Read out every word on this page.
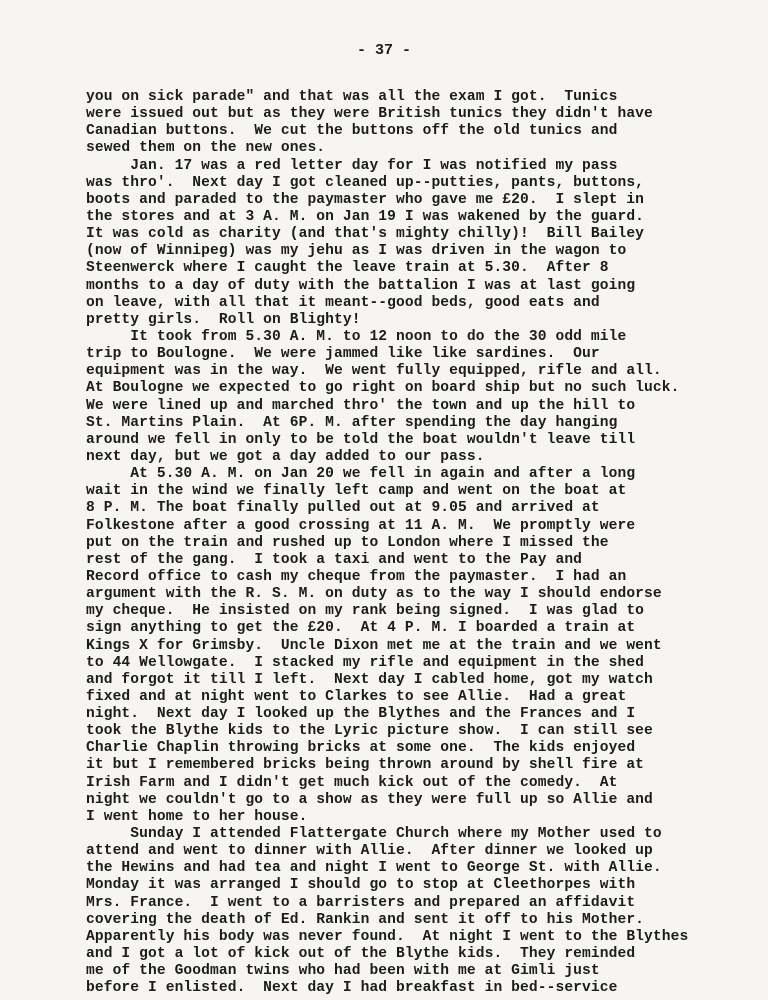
- 37 -
you on sick parade" and that was all the exam I got.  Tunics
were issued out but as they were British tunics they didn't have
Canadian buttons.  We cut the buttons off the old tunics and
sewed them on the new ones.
Jan. 17 was a red letter day for I was notified my pass
was thro'.  Next day I got cleaned up--putties, pants, buttons,
boots and paraded to the paymaster who gave me £20.  I slept in
the stores and at 3 A. M. on Jan 19 I was wakened by the guard.
It was cold as charity (and that's mighty chilly)!  Bill Bailey
(now of Winnipeg) was my jehu as I was driven in the wagon to
Steenwerck where I caught the leave train at 5.30.  After 8
months to a day of duty with the battalion I was at last going
on leave, with all that it meant--good beds, good eats and
pretty girls.  Roll on Blighty!
It took from 5.30 A. M. to 12 noon to do the 30 odd mile
trip to Boulogne.  We were jammed like like sardines.  Our
equipment was in the way.  We went fully equipped, rifle and all.
At Boulogne we expected to go right on board ship but no such luck.
We were lined up and marched thro' the town and up the hill to
St. Martins Plain.  At 6P. M. after spending the day hanging
around we fell in only to be told the boat wouldn't leave till
next day, but we got a day added to our pass.
At 5.30 A. M. on Jan 20 we fell in again and after a long
wait in the wind we finally left camp and went on the boat at
8 P. M. The boat finally pulled out at 9.05 and arrived at
Folkestone after a good crossing at 11 A. M.  We promptly were
put on the train and rushed up to London where I missed the
rest of the gang.  I took a taxi and went to the Pay and
Record office to cash my cheque from the paymaster.  I had an
argument with the R. S. M. on duty as to the way I should endorse
my cheque.  He insisted on my rank being signed.  I was glad to
sign anything to get the £20.  At 4 P. M. I boarded a train at
Kings X for Grimsby.  Uncle Dixon met me at the train and we went
to 44 Wellowgate.  I stacked my rifle and equipment in the shed
and forgot it till I left.  Next day I cabled home, got my watch
fixed and at night went to Clarkes to see Allie.  Had a great
night.  Next day I looked up the Blythes and the Frances and I
took the Blythe kids to the Lyric picture show.  I can still see
Charlie Chaplin throwing bricks at some one.  The kids enjoyed
it but I remembered bricks being thrown around by shell fire at
Irish Farm and I didn't get much kick out of the comedy.  At
night we couldn't go to a show as they were full up so Allie and
I went home to her house.
Sunday I attended Flattergate Church where my Mother used to
attend and went to dinner with Allie.  After dinner we looked up
the Hewins and had tea and night I went to George St. with Allie.
Monday it was arranged I should go to stop at Cleethorpes with
Mrs. France.  I went to a barristers and prepared an affidavit
covering the death of Ed. Rankin and sent it off to his Mother.
Apparently his body was never found.  At night I went to the Blythes
and I got a lot of kick out of the Blythe kids.  They reminded
me of the Goodman twins who had been with me at Gimli just
before I enlisted.  Next day I had breakfast in bed--service
